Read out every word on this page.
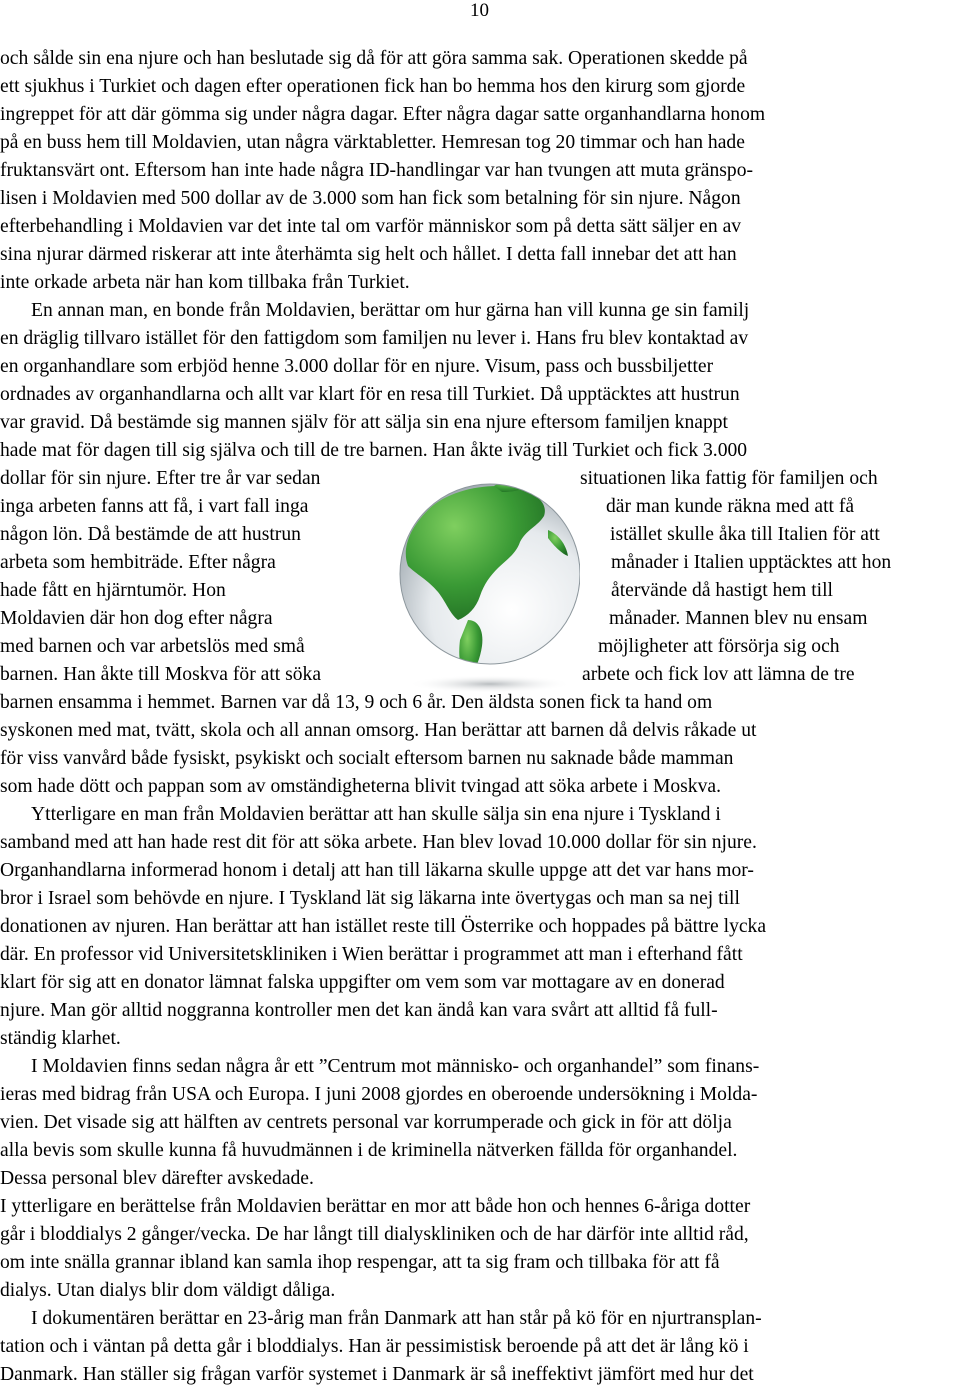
10
och sålde sin ena njure och han beslutade sig då för att göra samma sak. Operationen skedde på
ett sjukhus i Turkiet och dagen efter operationen fick han bo hemma hos den kirurg som gjorde
ingreppet för att där gömma sig under några dagar. Efter några dagar satte organhandlarna honom
på en buss hem till Moldavien, utan några värktabletter. Hemresan tog 20 timmar och han hade
fruktansvärt ont. Eftersom han inte hade några ID-handlingar var han tvungen att muta gränspo-
lisen i Moldavien med 500 dollar av de 3.000 som han fick som betalning för sin njure. Någon
efterbehandling i Moldavien var det inte tal om varför människor som på detta sätt säljer en av
sina njurar därmed riskerar att inte återhämta sig helt och hållet. I detta fall innebar det att han
inte orkade arbeta när han kom tillbaka från Turkiet.
En annan man, en bonde från Moldavien, berättar om hur gärna han vill kunna ge sin familj
en dräglig tillvaro istället för den fattigdom som familjen nu lever i. Hans fru blev kontaktad av
en organhandlare som erbjöd henne 3.000 dollar för en njure. Visum, pass och bussbiljetter
ordnades av organhandlarna och allt var klart för en resa till Turkiet. Då upptäcktes att hustrun
var gravid. Då bestämde sig mannen själv för att sälja sin ena njure eftersom familjen knappt
hade mat för dagen till sig själva och till de tre barnen. Han åkte iväg till Turkiet och fick 3.000
dollar för sin njure. Efter tre år var sedan
inga arbeten fanns att få, i vart fall inga
någon lön. Då bestämde de att hustrun
arbeta som hembiträde. Efter några
hade fått en hjärntumör. Hon
Moldavien där hon dog efter några
med barnen och var arbetslös med små
barnen. Han åkte till Moskva för att söka
situationen lika fattig för familjen och
där man kunde räkna med att få
istället skulle åka till Italien för att
månader i Italien upptäcktes att hon
återvände då hastigt hem till
månader. Mannen blev nu ensam
möjligheter att försörja sig och
arbete och fick lov att lämna de tre
barnen ensamma i hemmet. Barnen var då 13, 9 och 6 år. Den äldsta sonen fick ta hand om
syskonen med mat, tvätt, skola och all annan omsorg. Han berättar att barnen då delvis råkade ut
för viss vanvård både fysiskt, psykiskt och socialt eftersom barnen nu saknade både mamman
som hade dött och pappan som av omständigheterna blivit tvingad att söka arbete i Moskva.
Ytterligare en man från Moldavien berättar att han skulle sälja sin ena njure i Tyskland i
samband med att han hade rest dit för att söka arbete. Han blev lovad 10.000 dollar för sin njure.
Organhandlarna informerad honom i detalj att han till läkarna skulle uppge att det var hans mor-
bror i Israel som behövde en njure. I Tyskland lät sig läkarna inte övertygas och man sa nej till
donationen av njuren. Han berättar att han istället reste till Österrike och hoppades på bättre lycka
där. En professor vid Universitetskliniken i Wien berättar i programmet att man i efterhand fått
klart för sig att en donator lämnat falska uppgifter om vem som var mottagare av en donerad
njure. Man gör alltid noggranna kontroller men det kan ändå kan vara svårt att alltid få full-
ständig klarhet.
I Moldavien finns sedan några år ett ”Centrum mot människo- och organhandel” som finans-
ieras med bidrag från USA och Europa. I juni 2008 gjordes en oberoende undersökning i Molda-
vien. Det visade sig att hälften av centrets personal var korrumperade och gick in för att dölja
alla bevis som skulle kunna få huvudmännen i de kriminella nätverken fällda för organhandel.
Dessa personal blev därefter avskedade.
I ytterligare en berättelse från Moldavien berättar en mor att både hon och hennes 6-åriga dotter
går i bloddialys 2 gånger/vecka. De har långt till dialyskliniken och de har därför inte alltid råd,
om inte snälla grannar ibland kan samla ihop respengar, att ta sig fram och tillbaka för att få
dialys. Utan dialys blir dom väldigt dåliga.
I dokumentären berättar en 23-årig man från Danmark att han står på kö för en njurtransplan-
tation och i väntan på detta går i bloddialys. Han är pessimistisk beroende på att det är lång kö i
Danmark. Han ställer sig frågan varför systemet i Danmark är så ineffektivt jämfört med hur det
